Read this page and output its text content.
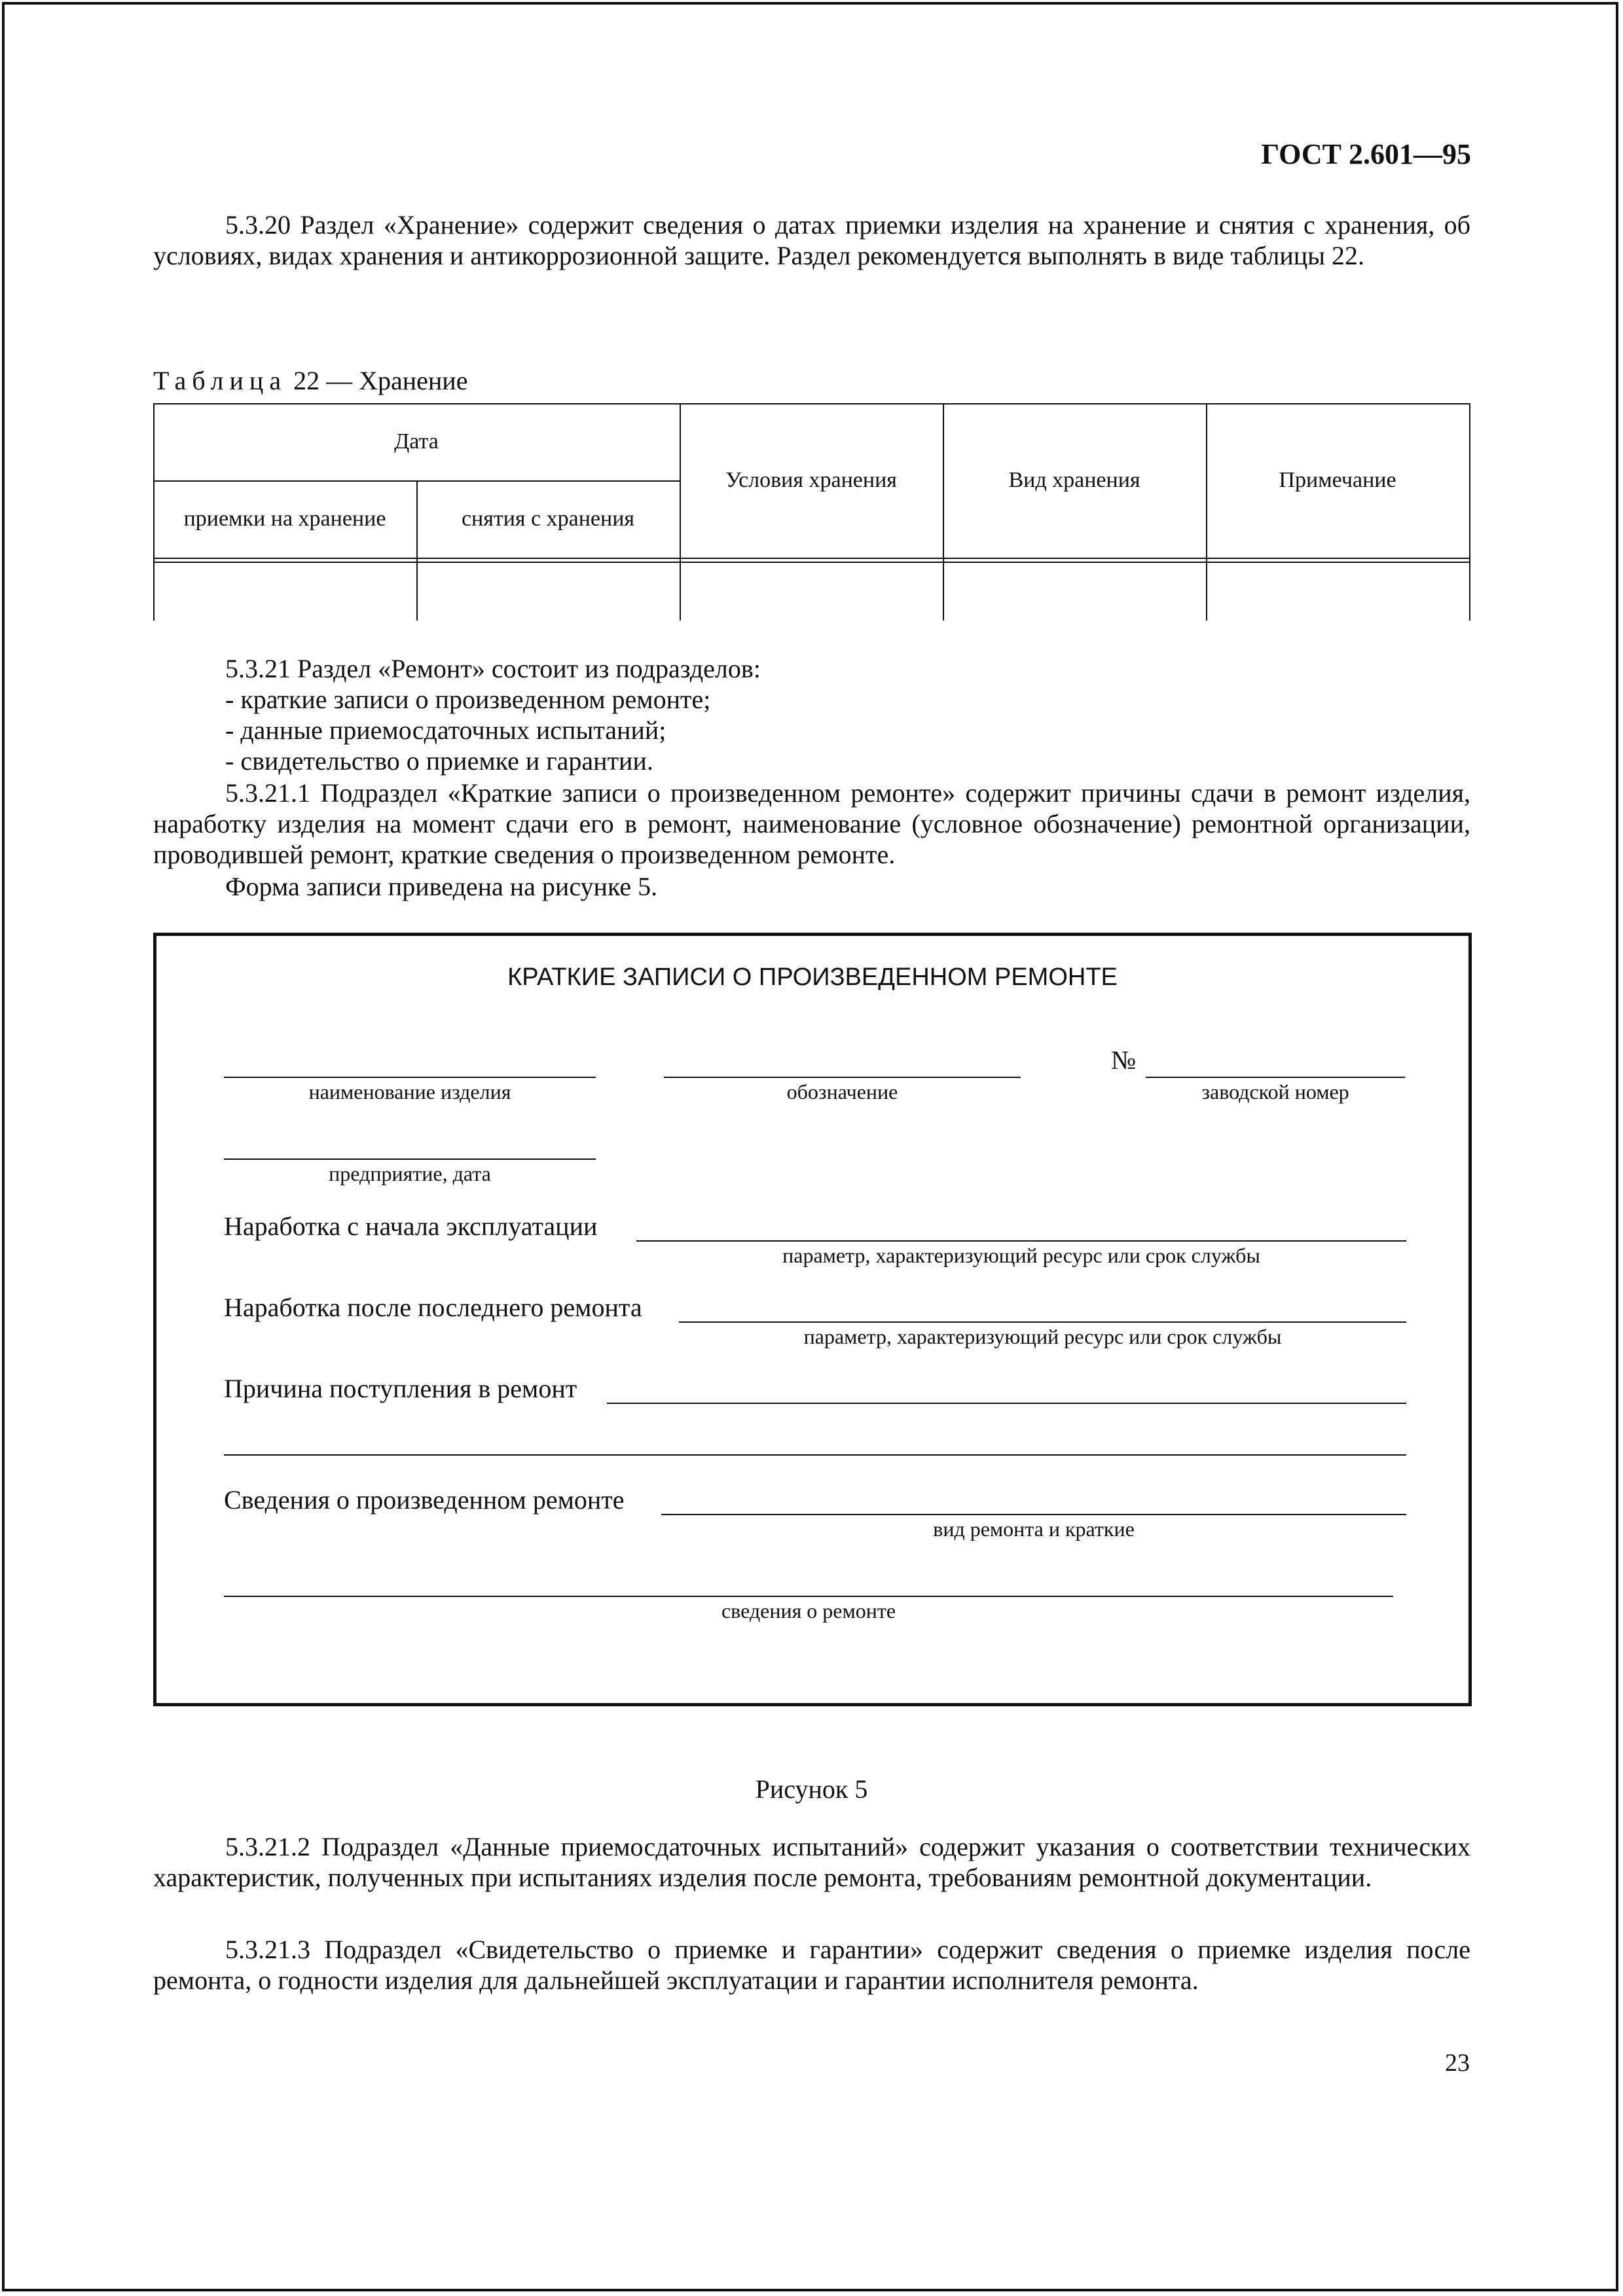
ГОСТ 2.601—95
5.3.20 Раздел «Хранение» содержит сведения о датах приемки изделия на хранение и снятия с хранения, об условиях, видах хранения и антикоррозионной защите. Раздел рекомендуется выполнять в виде таблицы 22.
Таблица 22 — Хранение
Дата
приемки на хранение	снятия с хранения
Условия хранения	Вид хранения	Примечание
5.3.21 Раздел «Ремонт» состоит из подразделов:
- краткие записи о произведенном ремонте;
- данные приемосдаточных испытаний;
- свидетельство о приемке и гарантии.
5.3.21.1 Подраздел «Краткие записи о произведенном ремонте» содержит причины сдачи в ремонт изделия, наработку изделия на момент сдачи его в ремонт, наименование (условное обозначение) ремонтной организации, проводившей ремонт, краткие сведения о произведенном ремонте.
Форма записи приведена на рисунке 5.
КРАТКИЕ ЗАПИСИ О ПРОИЗВЕДЕННОМ РЕМОНТЕ
наименование изделия	обозначение
№
заводской номер
предприятие, дата
Наработка с начала эксплуатации
параметр, характеризующий ресурс или срок службы
Наработка после последнего ремонта
параметр, характеризующий ресурс или срок службы
Причина поступления в ремонт
Сведения о произведенном ремонте
вид ремонта и краткие
сведения о ремонте
Рисунок 5
5.3.21.2 Подраздел «Данные приемосдаточных испытаний» содержит указания о соответствии технических характеристик, полученных при испытаниях изделия после ремонта, требованиям ремонтной документации.
5.3.21.3 Подраздел «Свидетельство о приемке и гарантии» содержит сведения о приемке изделия после ремонта, о годности изделия для дальнейшей эксплуатации и гарантии исполнителя ремонта.
23
